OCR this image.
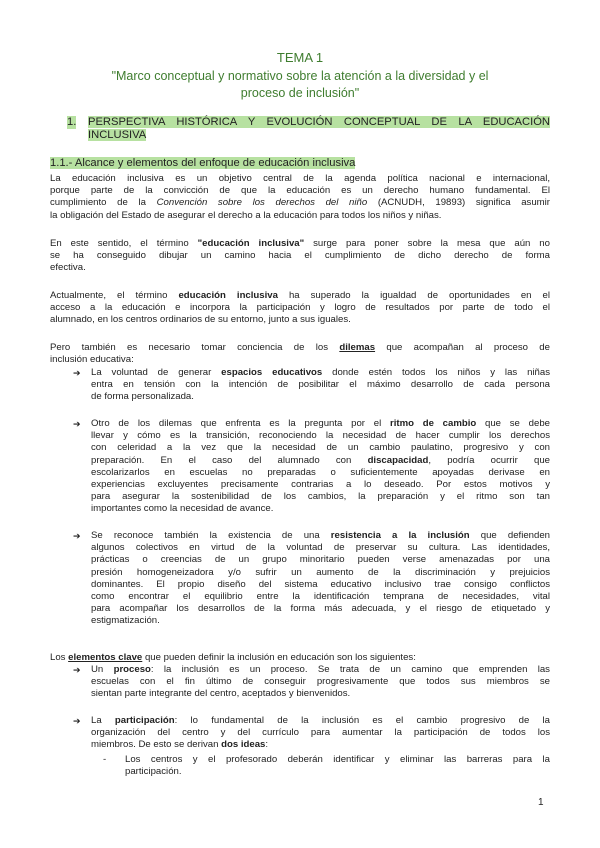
TEMA 1
"Marco conceptual y normativo sobre la atención a la diversidad y el
proceso de inclusión"
1. PERSPECTIVA HISTÓRICA Y EVOLUCIÓN CONCEPTUAL DE LA EDUCACIÓN
INCLUSIVA
1.1.- Alcance y elementos del enfoque de educación inclusiva
La educación inclusiva es un objetivo central de la agenda política nacional e internacional,
porque parte de la convicción de que la educación es un derecho humano fundamental. El
cumplimiento de la Convención sobre los derechos del niño (ACNUDH, 19893) significa asumir
la obligación del Estado de asegurar el derecho a la educación para todos los niños y niñas.
En este sentido, el término "educación inclusiva" surge para poner sobre la mesa que aún no
se ha conseguido dibujar un camino hacia el cumplimiento de dicho derecho de forma
efectiva.
Actualmente, el término educación inclusiva ha superado la igualdad de oportunidades en el
acceso a la educación e incorpora la participación y logro de resultados por parte de todo el
alumnado, en los centros ordinarios de su entorno, junto a sus iguales.
Pero también es necesario tomar conciencia de los dilemas que acompañan al proceso de
inclusión educativa:
➔ La voluntad de generar espacios educativos donde estén todos los niños y las niñas
entra en tensión con la intención de posibilitar el máximo desarrollo de cada persona
de forma personalizada.
➔ Otro de los dilemas que enfrenta es la pregunta por el ritmo de cambio que se debe
llevar y cómo es la transición, reconociendo la necesidad de hacer cumplir los derechos
con celeridad a la vez que la necesidad de un cambio paulatino, progresivo y con
preparación. En el caso del alumnado con discapacidad, podría ocurrir que
escolarizarlos en escuelas no preparadas o suficientemente apoyadas derivase en
experiencias excluyentes precisamente contrarias a lo deseado. Por estos motivos y
para asegurar la sostenibilidad de los cambios, la preparación y el ritmo son tan
importantes como la necesidad de avance.
➔ Se reconoce también la existencia de una resistencia a la inclusión que defienden
algunos colectivos en virtud de la voluntad de preservar su cultura. Las identidades,
prácticas o creencias de un grupo minoritario pueden verse amenazadas por una
presión homogeneizadora y/o sufrir un aumento de la discriminación y prejuicios
dominantes. El propio diseño del sistema educativo inclusivo trae consigo conflictos
como encontrar el equilibrio entre la identificación temprana de necesidades, vital
para acompañar los desarrollos de la forma más adecuada, y el riesgo de etiquetado y
estigmatización.
Los elementos clave que pueden definir la inclusión en educación son los siguientes:
➔ Un proceso: la inclusión es un proceso. Se trata de un camino que emprenden las
escuelas con el fin último de conseguir progresivamente que todos sus miembros se
sientan parte integrante del centro, aceptados y bienvenidos.
➔ La participación: lo fundamental de la inclusión es el cambio progresivo de la
organización del centro y del currículo para aumentar la participación de todos los
miembros. De esto se derivan dos ideas:
- Los centros y el profesorado deberán identificar y eliminar las barreras para la
participación.
1
